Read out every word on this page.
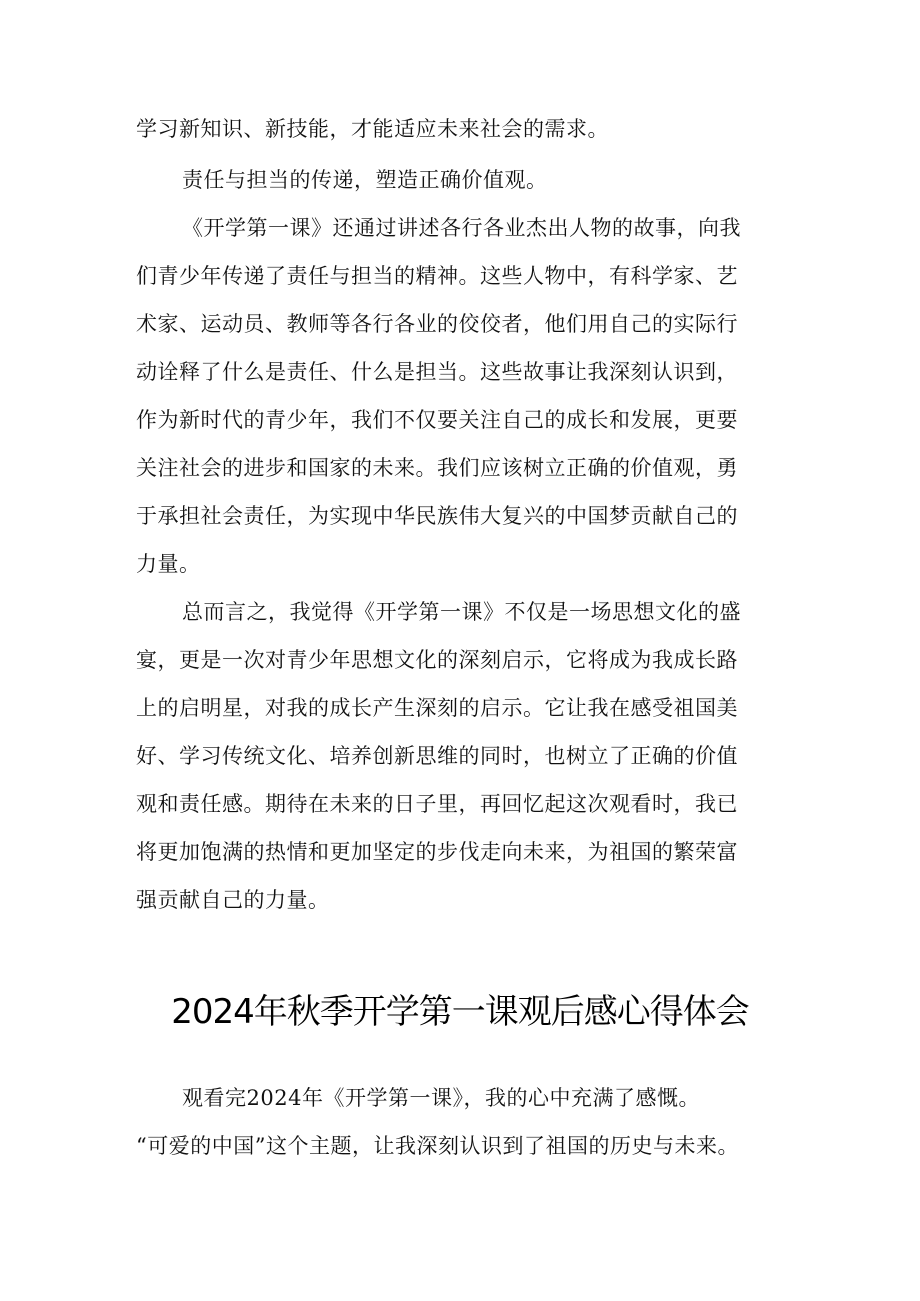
学习新知识、新技能，才能适应未来社会的需求。
责任与担当的传递，塑造正确价值观。
《开学第一课》还通过讲述各行各业杰出人物的故事，向我
们青少年传递了责任与担当的精神。这些人物中，有科学家、艺
术家、运动员、教师等各行各业的佼佼者，他们用自己的实际行
动诠释了什么是责任、什么是担当。这些故事让我深刻认识到，
作为新时代的青少年，我们不仅要关注自己的成长和发展，更要
关注社会的进步和国家的未来。我们应该树立正确的价值观，勇
于承担社会责任，为实现中华民族伟大复兴的中国梦贡献自己的
力量。
总而言之，我觉得《开学第一课》不仅是一场思想文化的盛
宴，更是一次对青少年思想文化的深刻启示，它将成为我成长路
上的启明星，对我的成长产生深刻的启示。它让我在感受祖国美
好、学习传统文化、培养创新思维的同时，也树立了正确的价值
观和责任感。期待在未来的日子里，再回忆起这次观看时，我已
将更加饱满的热情和更加坚定的步伐走向未来，为祖国的繁荣富
强贡献自己的力量。
2024年秋季开学第一课观后感心得体会
观看完2024年《开学第一课》，我的心中充满了感慨。
“可爱的中国”这个主题，让我深刻认识到了祖国的历史与未来。
